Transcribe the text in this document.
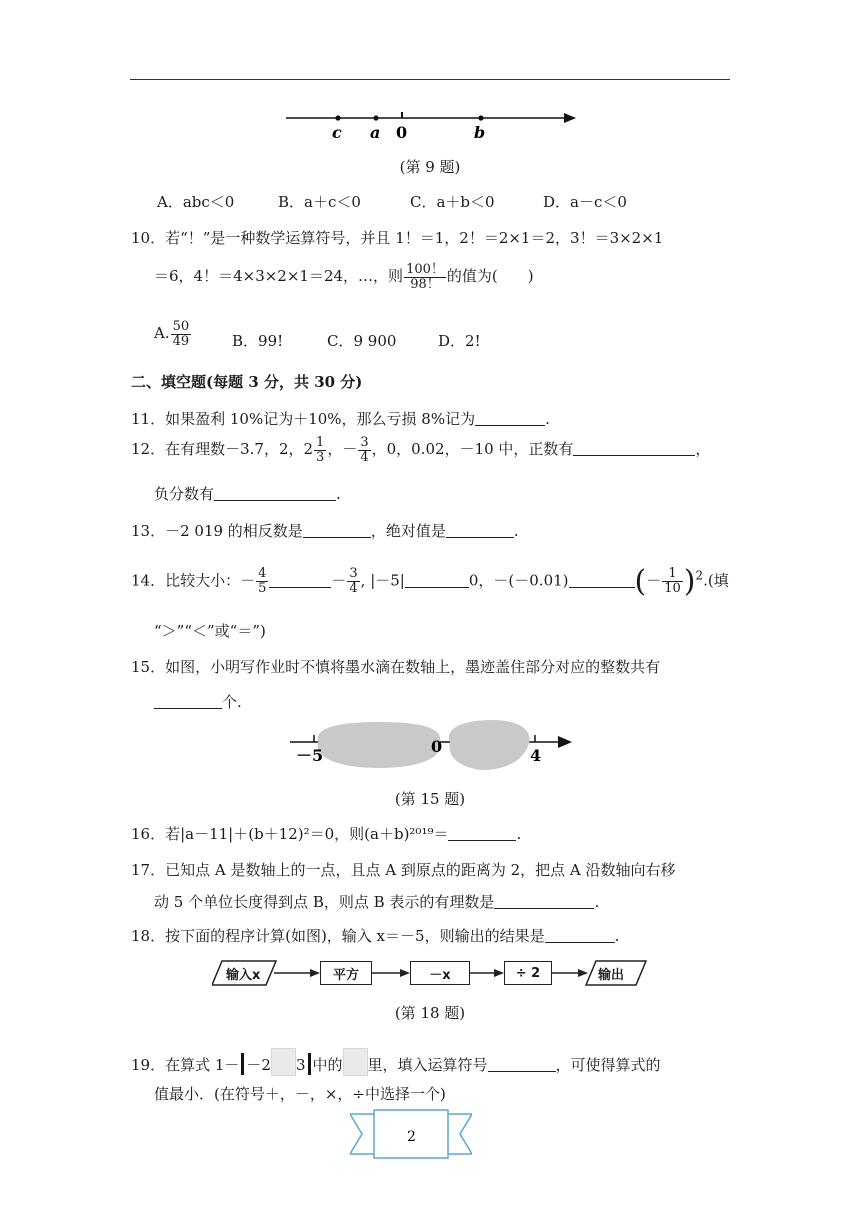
c a 0	b
(第 9 题)
A．abc＜0	B．a＋c＜0	C．a＋b＜0	D．a－c＜0
10．若“！”是一种数学运算符号，并且 1！＝1，2！＝2×1＝2，3！＝3×2×1
＝6，4！＝4×3×2×1＝24，…，则 $\frac{100!}{98!}$ 的值为(　　)
A. $\frac{50}{49}$	B．99!	C．9 900	D．2!
二、填空题(每题 3 分，共 30 分)
11．如果盈利 10%记为＋10%，那么亏损 8%记为	.
12．在有理数－3.7，2，$2 \frac{1}{3}$ ，－ $\frac{3}{4}$ ，0，0.02，－10 中，正数有	，
负分数有	.
13．－2 019 的相反数是	，绝对值是	.
14．比较大小：－ $\frac{4}{5}$	－ $\frac{3}{4}$ , |－5|	0，－(－0.01) (－ $\frac{1}{10} )^2$.(填
“＞”“＜”或“＝”)
15．如图，小明写作业时不慎将墨水滴在数轴上，墨迹盖住部分对应的整数共有
个.
－5	0	4
(第 15 题)
16．若|a－11|＋(b＋12)²＝0，则(a＋b)²⁰¹⁹＝	.
17．已知点 A 是数轴上的一点，且点 A 到原点的距离为 2，把点 A 沿数轴向右移
动 5 个单位长度得到点 B，则点 B 表示的有理数是	.
18．按下面的程序计算(如图)，输入 x＝－5，则输出的结果是	.
输入x	平方	－x	÷ 2	输出
(第 18 题)
19．在算式 1－ －2 3 中的 里，填入运算符号	，可使得算式的
值最小．(在符号＋，－，×，÷中选择一个)
2
